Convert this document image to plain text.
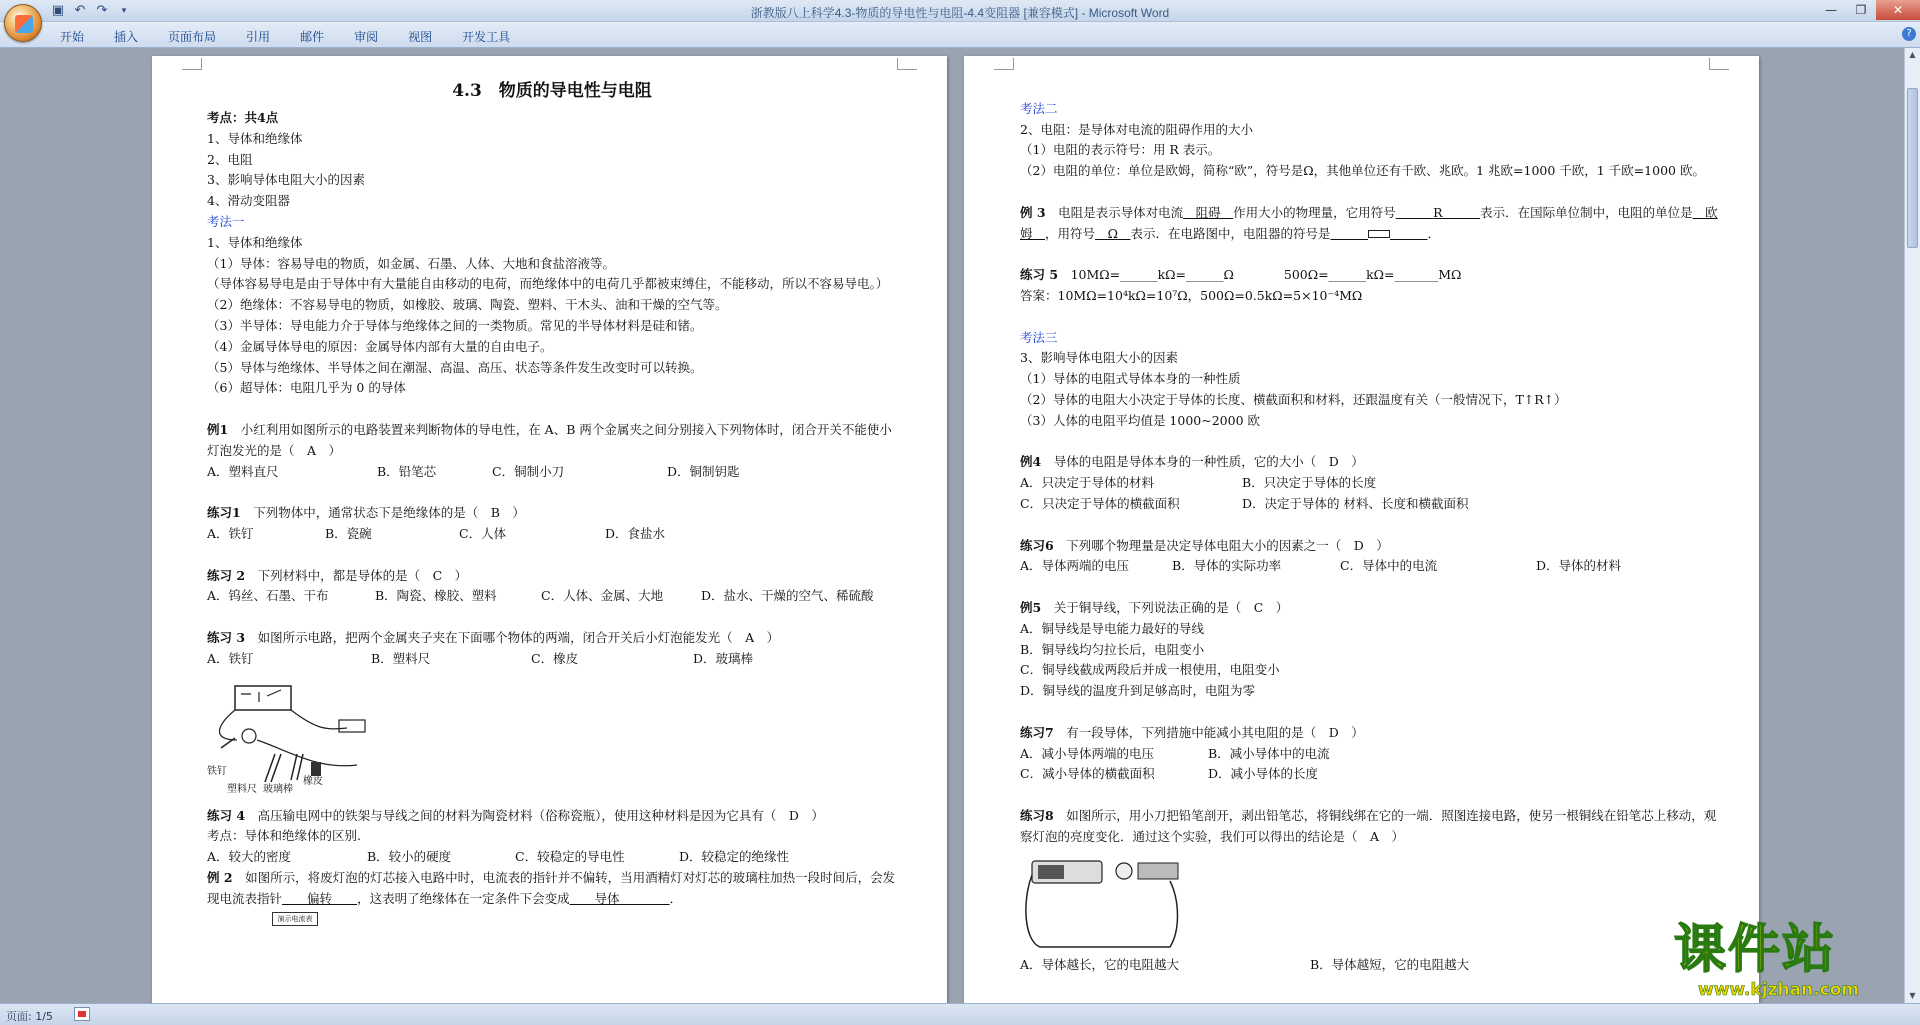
▣ ↶ ↷	▾	浙教版八上科学4.3-物质的导电性与电阻-4.4变阻器 [兼容模式] - Microsoft Word	—	❐	✕
开始	插入	页面布局	引用	邮件	审阅	视图	开发工具	?
4.3　物质的导电性与电阻
考点：共4点
1、导体和绝缘体
2、电阻
3、影响导体电阻大小的因素
4、滑动变阻器
考法一
1、导体和绝缘体
（1）导体：容易导电的物质，如金属、石墨、人体、大地和食盐溶液等。
（导体容易导电是由于导体中有大量能自由移动的电荷，而绝缘体中的电荷几乎都被束缚住，不能移动，所以不容易导电。）
（2）绝缘体：不容易导电的物质，如橡胶、玻璃、陶瓷、塑料、干木头、油和干燥的空气等。
（3）半导体：导电能力介于导体与绝缘体之间的一类物质。常见的半导体材料是硅和锗。
（4）金属导体导电的原因：金属导体内部有大量的自由电子。
（5）导体与绝缘体、半导体之间在潮湿、高温、高压、状态等条件发生改变时可以转换。
（6）超导体：电阻几乎为 0 的导体
例1　小红利用如图所示的电路装置来判断物体的导电性，在 A、B 两个金属夹之间分别接入下列物体时，闭合开关不能使小灯泡发光的是（　A　）
A．塑料直尺	B．铅笔芯	C．铜制小刀	D．铜制钥匙
练习1　下列物体中，通常状态下是绝缘体的是（　B　）
A．铁钉	B．瓷碗	C．人体	D．食盐水
练习 2　下列材料中，都是导体的是（　C　）
A．钨丝、石墨、干布	B．陶瓷、橡胶、塑料	C．人体、金属、大地	D．盐水、干燥的空气、稀硫酸
练习 3　如图所示电路，把两个金属夹子夹在下面哪个物体的两端，闭合开关后小灯泡能发光（　A　）
A．铁钉	B．塑料尺	C．橡皮	D．玻璃棒
铁钉
塑料尺 玻璃棒
橡皮
练习 4　高压输电网中的铁架与导线之间的材料为陶瓷材料（俗称瓷瓶），使用这种材料是因为它具有（　D　）
考点：导体和绝缘体的区别.
A．较大的密度	B．较小的硬度	C．较稳定的导电性	D．较稳定的绝缘性
例 2　如图所示，将废灯泡的灯芯接入电路中时，电流表的指针并不偏转，当用酒精灯对灯芯的玻璃柱加热一段时间后，会发现电流表指针　　 偏转　　 ，这表明了绝缘体在一定条件下会变成　　 导体　　　　	．
演示电流表
考法二
2、电阻：是导体对电流的阻碍作用的大小
（1）电阻的表示符号：用 R 表示。
（2）电阻的单位：单位是欧姆，简称“欧”，符号是Ω，其他单位还有千欧、兆欧。1 兆欧=1000 千欧，1 千欧=1000 欧。
例 3　电阻是表示导体对电流　 阻碍　 作用大小的物理量，它用符号　　　	R　　　	表示．在国际单位制中，电阻的单位是　 欧姆　 ，用符号　 Ω　 表示．在电路图中，电阻器的符号是　　　　　　	．
练习 5　10MΩ=______kΩ=______Ω　　　　500Ω=______kΩ=_______MΩ
答案：10MΩ=10⁴kΩ=10⁷Ω，500Ω=0.5kΩ=5×10⁻⁴MΩ
考法三
3、影响导体电阻大小的因素
（1）导体的电阻式导体本身的一种性质
（2）导体的电阻大小决定于导体的长度、横截面积和材料，还跟温度有关（一般情况下，T↑R↑）
（3）人体的电阻平均值是 1000~2000 欧
例4　导体的电阻是导体本身的一种性质，它的大小（　D　）
A．只决定于导体的材料	B．只决定于导体的长度
C．只决定于导体的横截面积	D．决定于导体的 材料、长度和横截面积
练习6　下列哪个物理量是决定导体电阻大小的因素之一（　D　）
A．导体两端的电压	B．导体的实际功率	C．导体中的电流	D．导体的材料
例5　关于铜导线，下列说法正确的是（　C　）
A．铜导线是导电能力最好的导线
B．铜导线均匀拉长后，电阻变小
C．铜导线截成两段后并成一根使用，电阻变小
D．铜导线的温度升到足够高时，电阻为零
练习7　有一段导体，下列措施中能减小其电阻的是（　D　）
A．减小导体两端的电压	B．减小导体中的电流
C．减小导体的横截面积	D．减小导体的长度
练习8　如图所示，用小刀把铅笔剖开，剥出铅笔芯，将铜线绑在它的一端．照图连接电路，使另一根铜线在铅笔芯上移动，观察灯泡的亮度变化．通过这个实验，我们可以得出的结论是（　A　）
A．导体越长，它的电阻越大	B．导体越短，它的电阻越大
▲
▼
页面: 1/5
课件站
www.kjzhan.com
